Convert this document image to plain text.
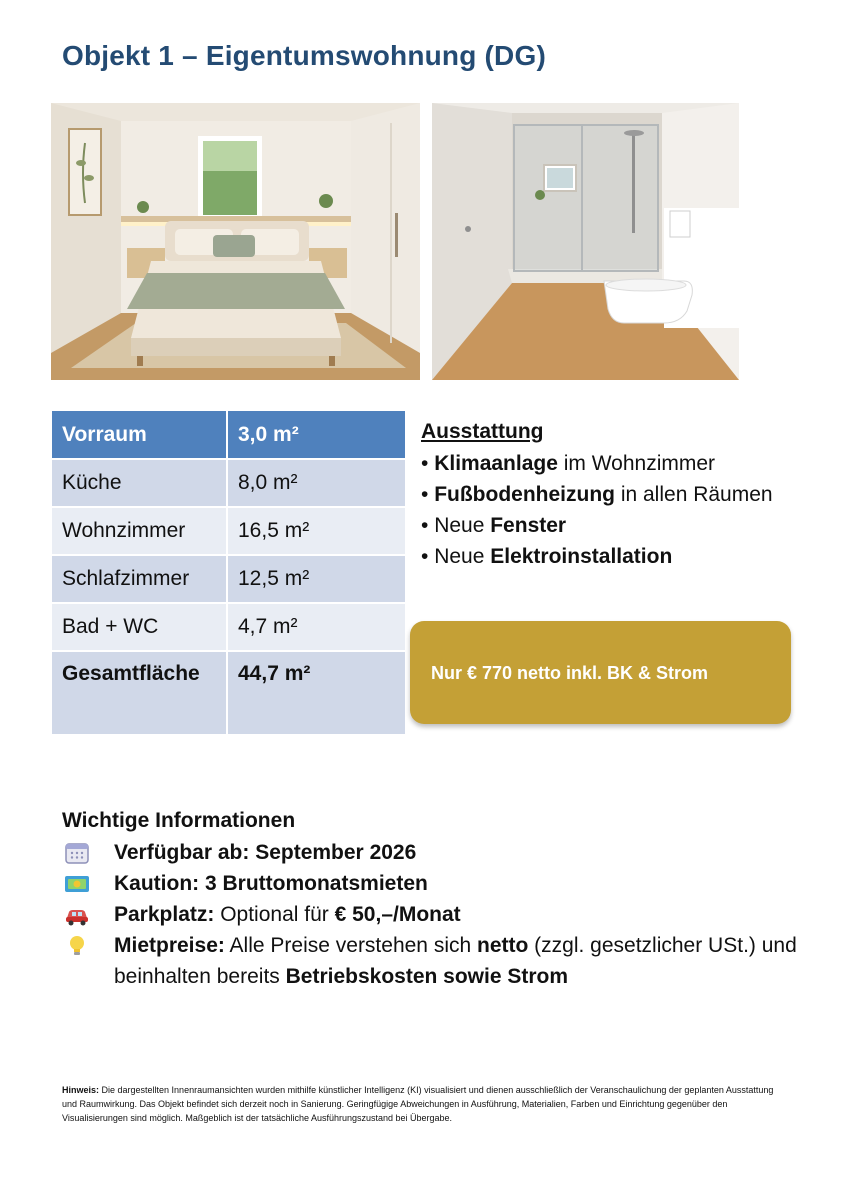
Objekt 1 – Eigentumswohnung (DG)
Vorraum	3,0 m²
Küche	8,0 m²
Wohnzimmer	16,5 m²
Schlafzimmer	12,5 m²
Bad + WC	4,7 m²
Gesamtfläche	44,7 m²
Ausstattung
• Klimaanlage im Wohnzimmer
• Fußbodenheizung in allen Räumen
• Neue Fenster
• Neue Elektroinstallation
Nur € 770 netto inkl. BK & Strom
Wichtige Informationen
Verfügbar ab: September 2026
Kaution: 3 Bruttomonatsmieten
Parkplatz: Optional für € 50,–/Monat
Mietpreise: Alle Preise verstehen sich netto (zzgl. gesetzlicher USt.) und beinhalten bereits Betriebskosten sowie Strom

Hinweis: Die dargestellten Innenraumansichten wurden mithilfe künstlicher Intelligenz (KI) visualisiert und dienen ausschließlich der Veranschaulichung der geplanten Ausstattung und Raumwirkung. Das Objekt befindet sich derzeit noch in Sanierung. Geringfügige Abweichungen in Ausführung, Materialien, Farben und Einrichtung gegenüber den Visualisierungen sind möglich. Maßgeblich ist der tatsächliche Ausführungszustand bei Übergabe.
